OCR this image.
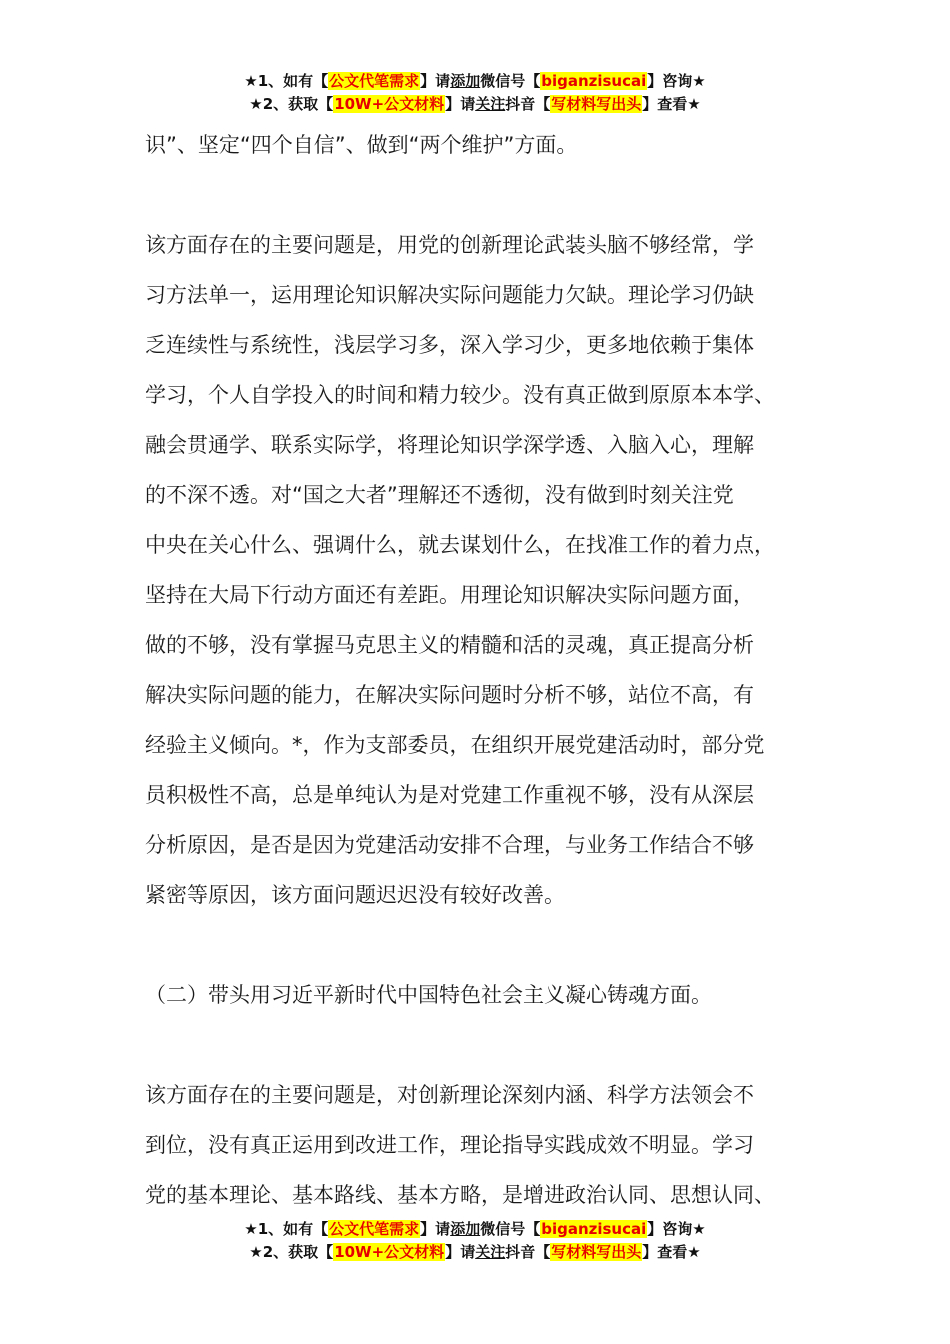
★1、如有【公文代笔需求】请添加微信号【biganzisucai】咨询★
★2、获取【10W+公文材料】请关注抖音【写材料写出头】查看★

识”、坚定“四个自信”、做到“两个维护”方面。

该方面存在的主要问题是，用党的创新理论武装头脑不够经常，学

习方法单一，运用理论知识解决实际问题能力欠缺。理论学习仍缺

乏连续性与系统性，浅层学习多，深入学习少，更多地依赖于集体

学习，个人自学投入的时间和精力较少。没有真正做到原原本本学、

融会贯通学、联系实际学，将理论知识学深学透、入脑入心，理解

的不深不透。对“国之大者”理解还不透彻，没有做到时刻关注党

中央在关心什么、强调什么，就去谋划什么，在找准工作的着力点，

坚持在大局下行动方面还有差距。用理论知识解决实际问题方面，

做的不够，没有掌握马克思主义的精髓和活的灵魂，真正提高分析

解决实际问题的能力，在解决实际问题时分析不够，站位不高，有

经验主义倾向。*，作为支部委员，在组织开展党建活动时，部分党

员积极性不高，总是单纯认为是对党建工作重视不够，没有从深层

分析原因，是否是因为党建活动安排不合理，与业务工作结合不够

紧密等原因，该方面问题迟迟没有较好改善。

（二）带头用习近平新时代中国特色社会主义凝心铸魂方面。

该方面存在的主要问题是，对创新理论深刻内涵、科学方法领会不

到位，没有真正运用到改进工作，理论指导实践成效不明显。学习

党的基本理论、基本路线、基本方略，是增进政治认同、思想认同、

★1、如有【公文代笔需求】请添加微信号【biganzisucai】咨询★
★2、获取【10W+公文材料】请关注抖音【写材料写出头】查看★
